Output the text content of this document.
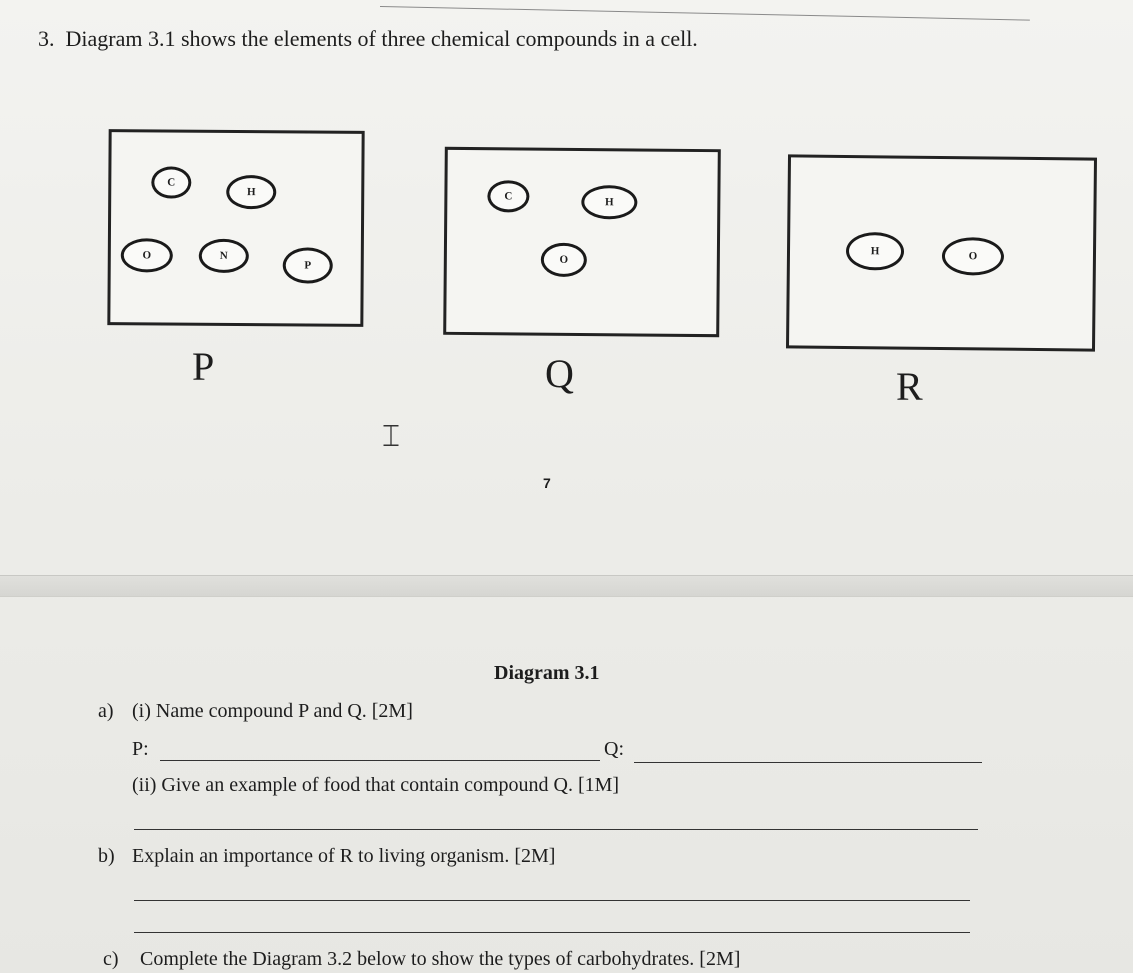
3. Diagram 3.1 shows the elements of three chemical compounds in a cell.
C
H
O	N
P
P
C	H
O
Q
H	O
R
⌶
7
Diagram 3.1
a) (i) Name compound P and Q. [2M]
P:	Q:
(ii) Give an example of food that contain compound Q. [1M]
b) Explain an importance of R to living organism. [2M]
c) Complete the Diagram 3.2 below to show the types of carbohydrates. [2M]
